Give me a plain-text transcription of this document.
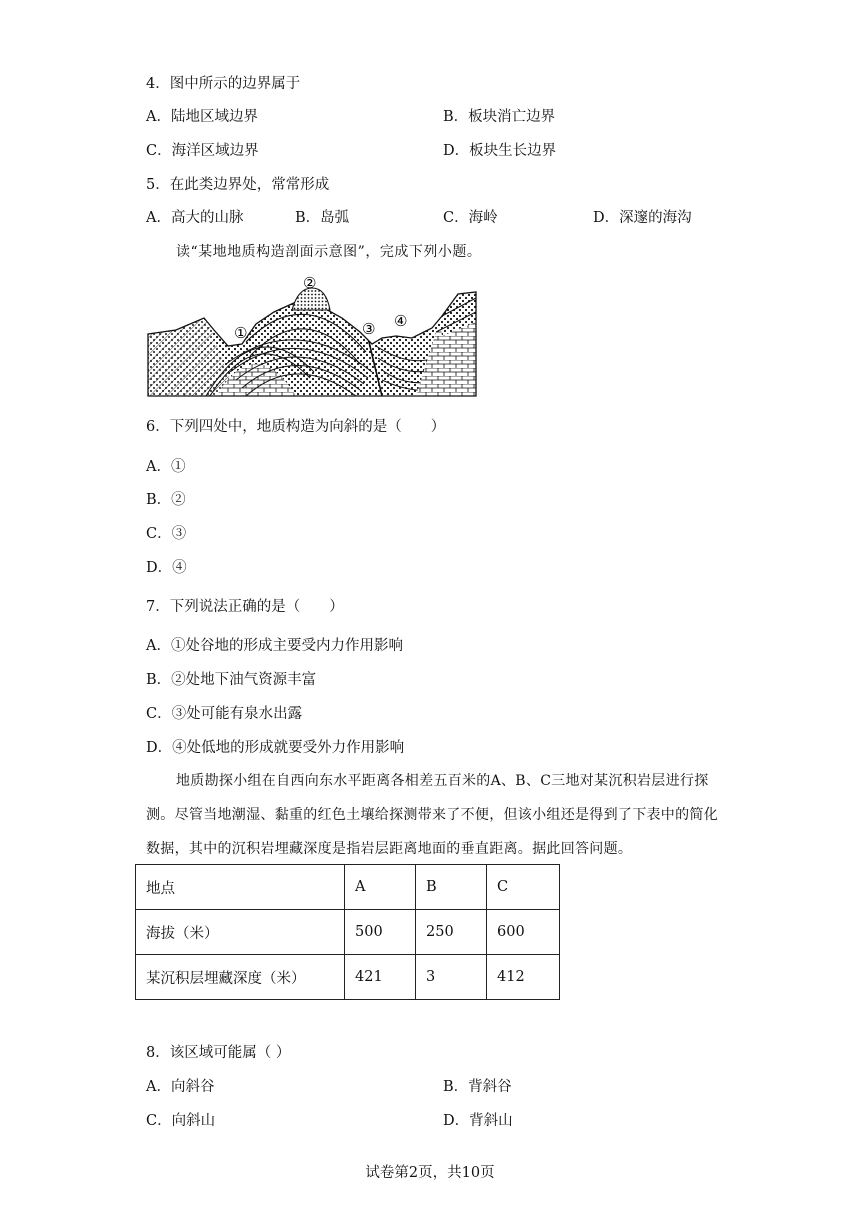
4．图中所示的边界属于
A．陆地区域边界	B．板块消亡边界
C．海洋区域边界	D．板块生长边界
5．在此类边界处，常常形成
A．高大的山脉	B．岛弧	C．海岭	D．深邃的海沟
读“某地地质构造剖面示意图”，完成下列小题。
①
②
③ ④
6．下列四处中，地质构造为向斜的是（　　）
A．①
B．②
C．③
D．④
7．下列说法正确的是（　　）
A．①处谷地的形成主要受内力作用影响
B．②处地下油气资源丰富
C．③处可能有泉水出露
D．④处低地的形成就要受外力作用影响
地质勘探小组在自西向东水平距离各相差五百米的A、B、C三地对某沉积岩层进行探测。尽管当地潮湿、黏重的红色土壤给探测带来了不便，但该小组还是得到了下表中的简化数据，其中的沉积岩埋藏深度是指岩层距离地面的垂直距离。据此回答问题。
地点	A	B	C
海拔（米）	500	250	600
某沉积层埋藏深度（米）	421	3	412
8．该区域可能属（ ）
A．向斜谷	B．背斜谷
C．向斜山	D．背斜山
试卷第2页，共10页
